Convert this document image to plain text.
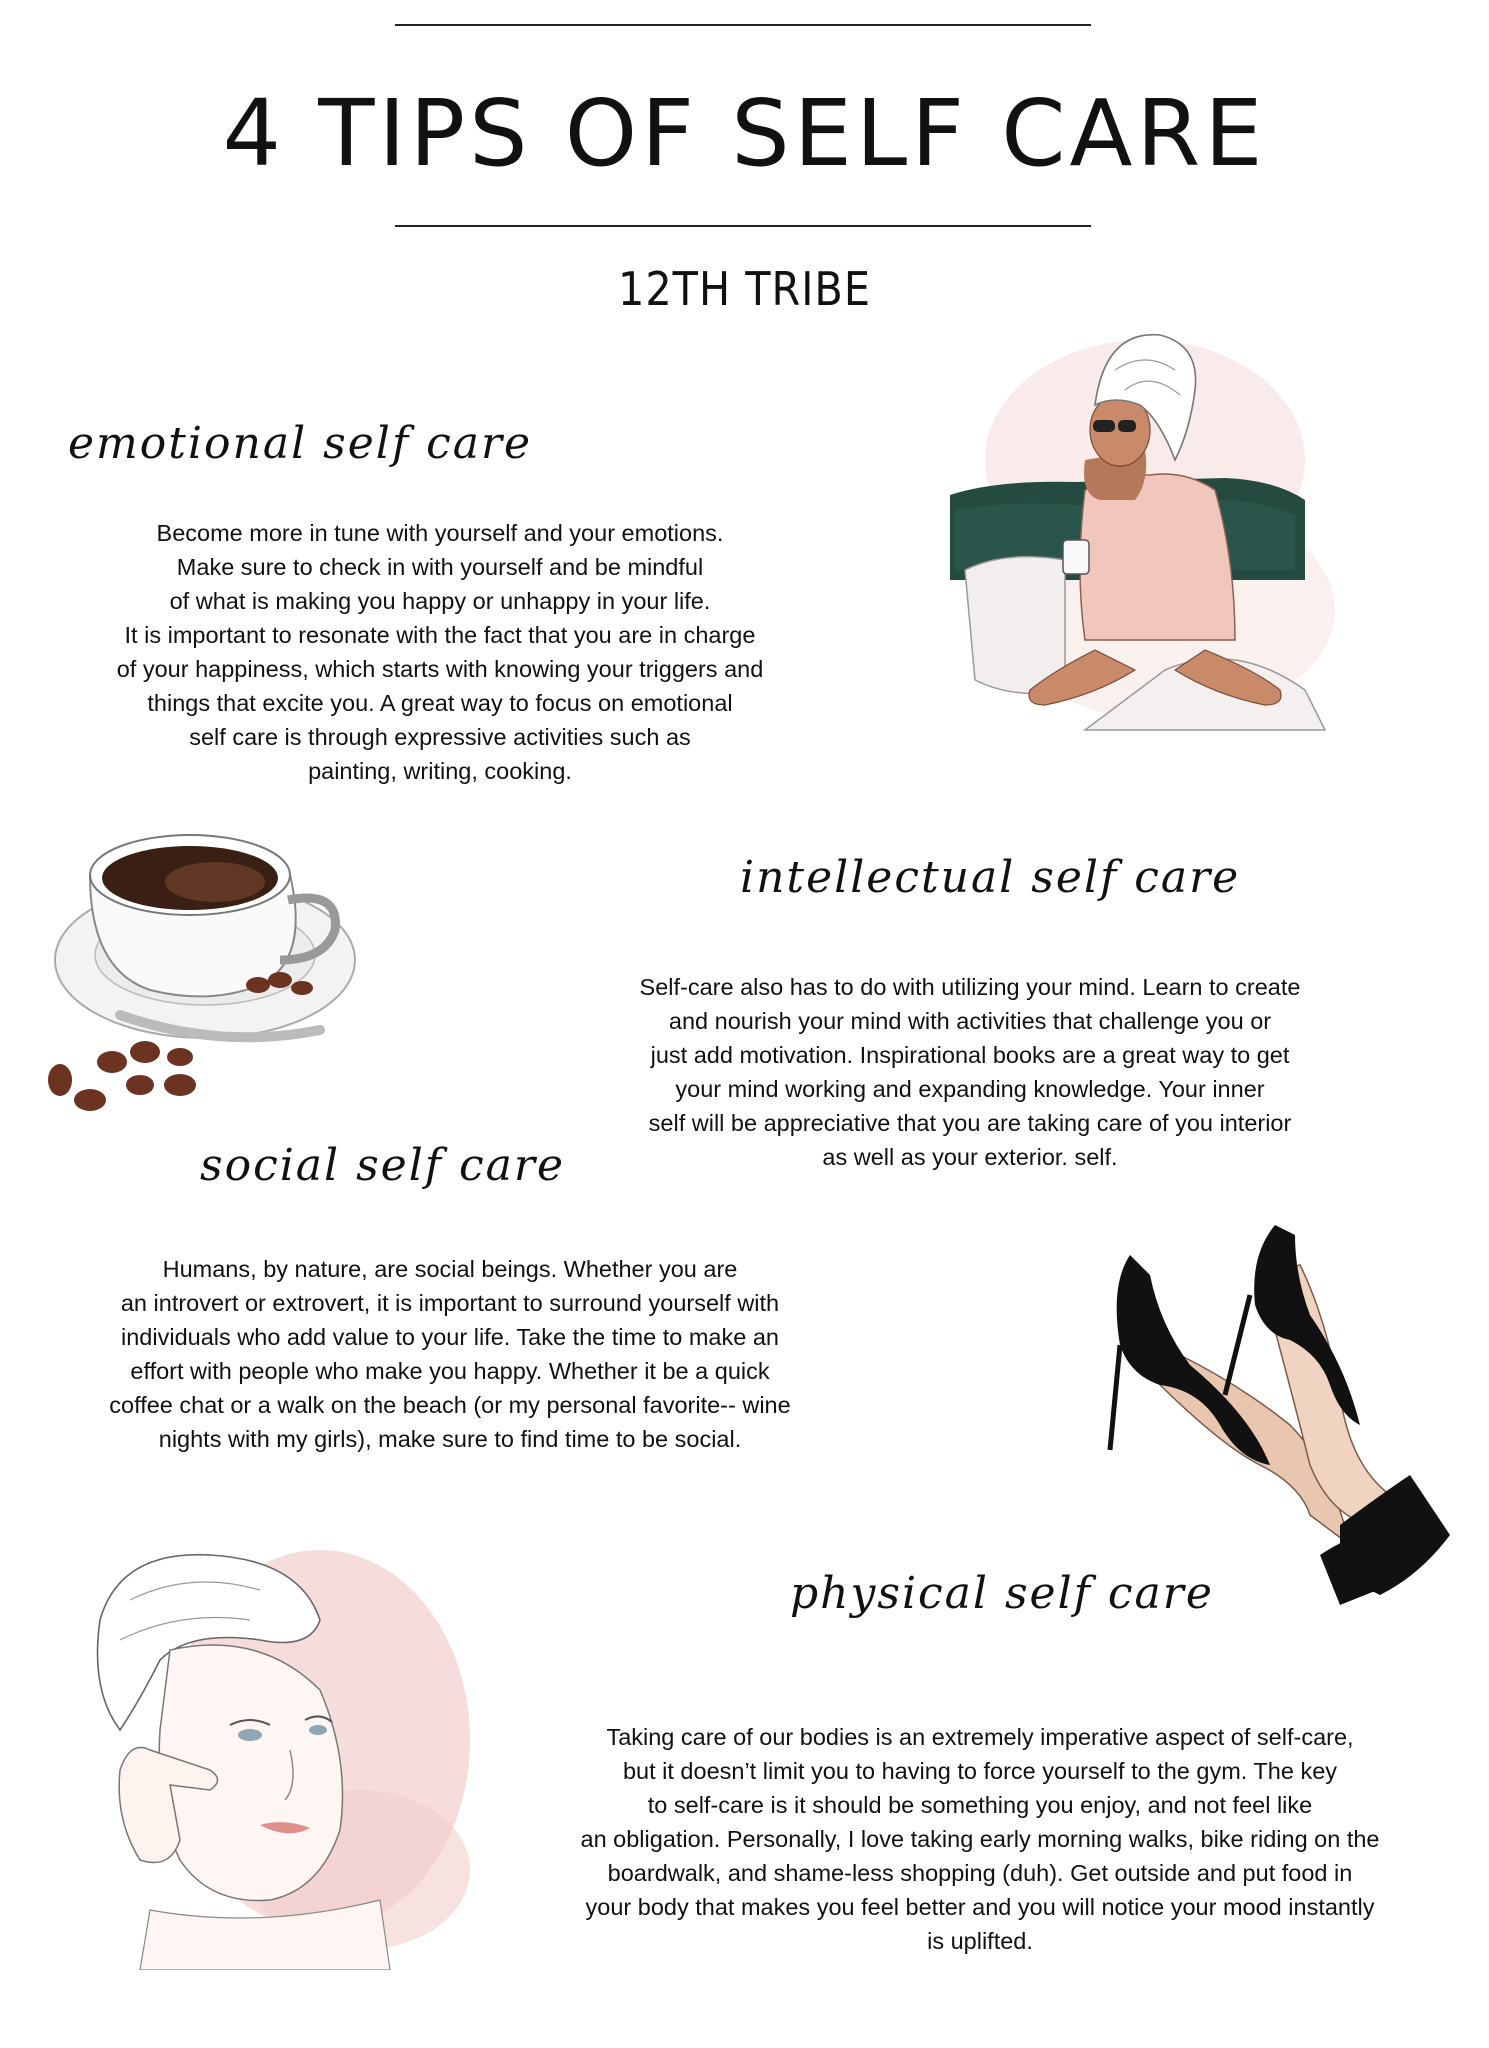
4 TIPS OF SELF CARE
12TH TRIBE
emotional self care
Become more in tune with yourself and your emotions.
Make sure to check in with yourself and be mindful
of what is making you happy or unhappy in your life.
It is important to resonate with the fact that you are in charge
of your happiness, which starts with knowing your triggers and
things that excite you. A great way to focus on emotional
self care is through expressive activities such as
painting, writing, cooking.
intellectual self care
Self-care also has to do with utilizing your mind. Learn to create
and nourish your mind with activities that challenge you or
just add motivation. Inspirational books are a great way to get
your mind working and expanding knowledge. Your inner
self will be appreciative that you are taking care of you interior
as well as your exterior. self.
social self care
Humans, by nature, are social beings. Whether you are
an introvert or extrovert, it is important to surround yourself with
individuals who add value to your life. Take the time to make an
effort with people who make you happy. Whether it be a quick
coffee chat or a walk on the beach (or my personal favorite-- wine
nights with my girls), make sure to find time to be social.
physical self care
Taking care of our bodies is an extremely imperative aspect of self-care,
but it doesn’t limit you to having to force yourself to the gym. The key
to self-care is it should be something you enjoy, and not feel like
an obligation. Personally, I love taking early morning walks, bike riding on the
boardwalk, and shame-less shopping (duh). Get outside and put food in
your body that makes you feel better and you will notice your mood instantly
is uplifted.
